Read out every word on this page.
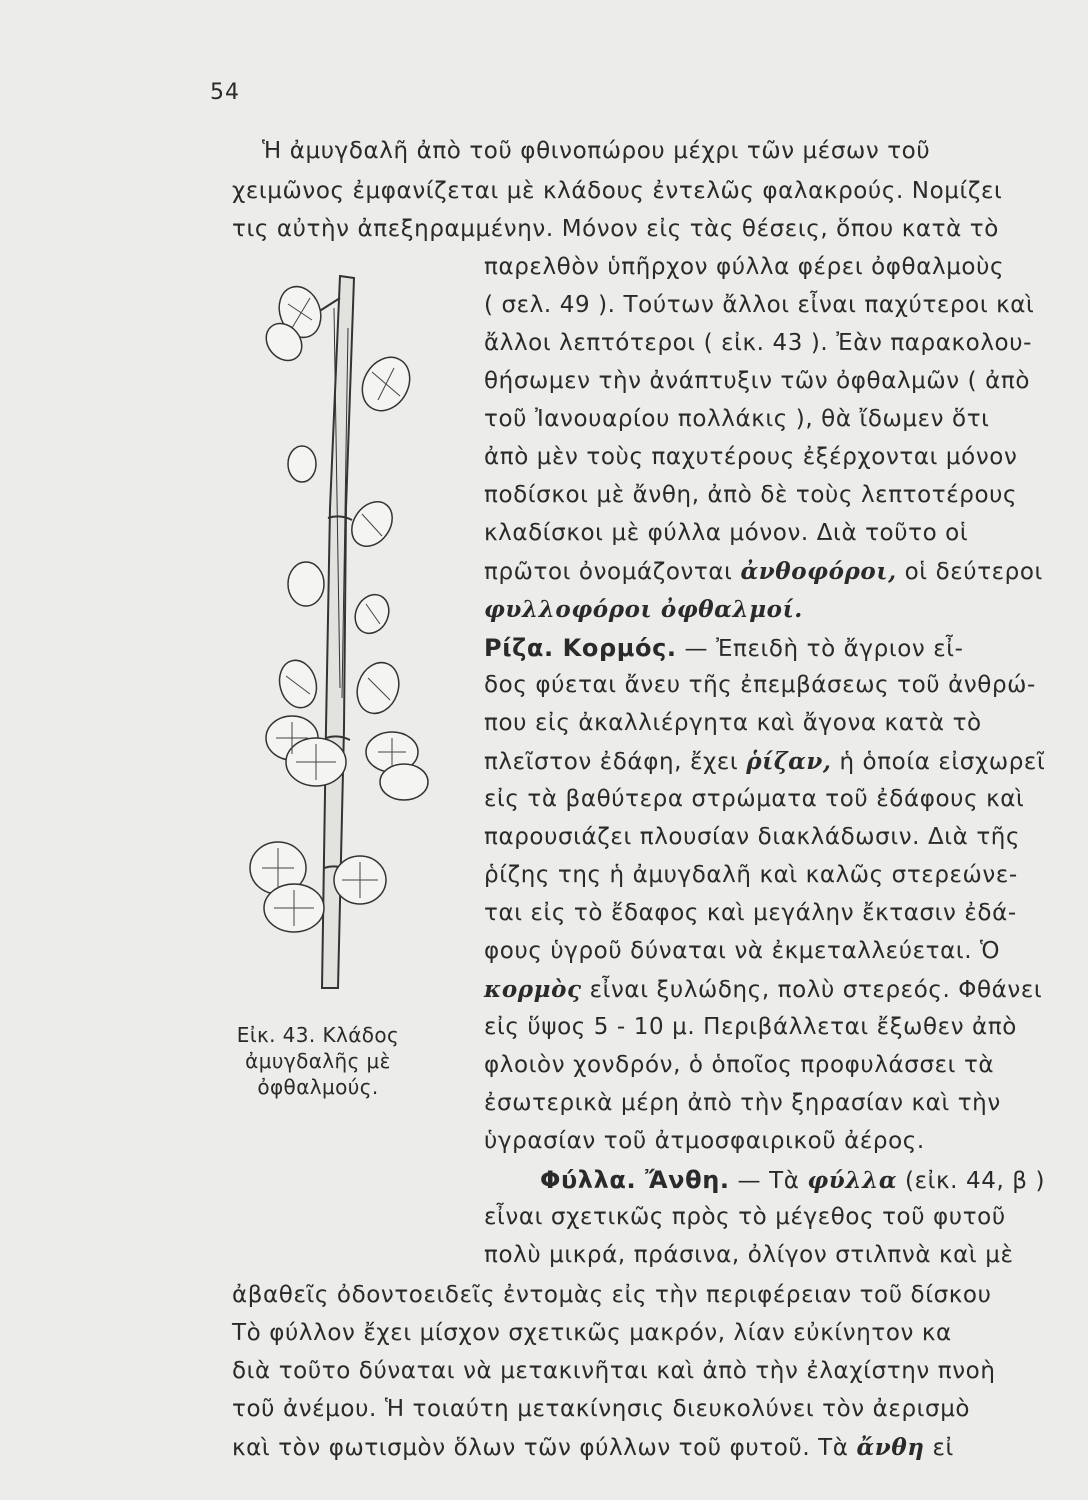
54
Ἡ ἀμυγδαλῆ ἀπὸ τοῦ φθινοπώρου μέχρι τῶν μέσων τοῦ
χειμῶνος ἐμφανίζεται μὲ κλάδους ἐντελῶς φαλακρούς. Νομίζει
τις αὐτὴν ἀπεξηραμμένην. Μόνον εἰς τὰς θέσεις, ὅπου κατὰ τὸ
παρελθὸν ὑπῆρχον φύλλα φέρει ὀφθαλμοὺς
( σελ. 49 ). Τούτων ἄλλοι εἶναι παχύτεροι καὶ
ἄλλοι λεπτότεροι ( εἰκ. 43 ). Ἐὰν παρακολου-
θήσωμεν τὴν ἀνάπτυξιν τῶν ὀφθαλμῶν ( ἀπὸ
τοῦ Ἰανουαρίου πολλάκις ), θὰ ἴδωμεν ὅτι
ἀπὸ μὲν τοὺς παχυτέρους ἐξέρχονται μόνον
ποδίσκοι μὲ ἄνθη, ἀπὸ δὲ τοὺς λεπτοτέρους
κλαδίσκοι μὲ φύλλα μόνον. Διὰ τοῦτο οἱ
πρῶτοι ὀνομάζονται ἀνθοφόροι, οἱ δεύτεροι
φυλλοφόροι ὀφθαλμοί.
Ρίζα. Κορμός. — Ἐπειδὴ τὸ ἄγριον εἶ-
δος φύεται ἄνευ τῆς ἐπεμβάσεως τοῦ ἀνθρώ-
που εἰς ἀκαλλιέργητα καὶ ἄγονα κατὰ τὸ
πλεῖστον ἐδάφη, ἔχει ῥίζαν, ἡ ὁποία εἰσχωρεῖ
εἰς τὰ βαθύτερα στρώματα τοῦ ἐδάφους καὶ
παρουσιάζει πλουσίαν διακλάδωσιν. Διὰ τῆς
ῥίζης της ἡ ἀμυγδαλῆ καὶ καλῶς στερεώνε-
ται εἰς τὸ ἔδαφος καὶ μεγάλην ἔκτασιν ἐδά-
φους ὑγροῦ δύναται νὰ ἐκμεταλλεύεται. Ὁ
κορμὸς εἶναι ξυλώδης, πολὺ στερεός. Φθάνει
εἰς ὕψος 5 - 10 μ. Περιβάλλεται ἔξωθεν ἀπὸ
φλοιὸν χονδρόν, ὁ ὁποῖος προφυλάσσει τὰ
ἐσωτερικὰ μέρη ἀπὸ τὴν ξηρασίαν καὶ τὴν
ὑγρασίαν τοῦ ἀτμοσφαιρικοῦ ἀέρος.
Φύλλα. Ἄνθη. — Τὰ φύλλα (εἰκ. 44, β )
εἶναι σχετικῶς πρὸς τὸ μέγεθος τοῦ φυτοῦ
πολὺ μικρά, πράσινα, ὀλίγον στιλπνὰ καὶ μὲ
ἀβαθεῖς ὀδοντοειδεῖς ἐντομὰς εἰς τὴν περιφέρειαν τοῦ δίσκου
Τὸ φύλλον ἔχει μίσχον σχετικῶς μακρόν, λίαν εὐκίνητον κα
διὰ τοῦτο δύναται νὰ μετακινῆται καὶ ἀπὸ τὴν ἐλαχίστην πνοὴ
τοῦ ἀνέμου. Ἡ τοιαύτη μετακίνησις διευκολύνει τὸν ἀερισμὸ
καὶ τὸν φωτισμὸν ὅλων τῶν φύλλων τοῦ φυτοῦ. Τὰ ἄνθη εἰ
Εἰκ. 43. Κλάδος
ἀμυγδαλῆς μὲ
ὀφθαλμούς.
